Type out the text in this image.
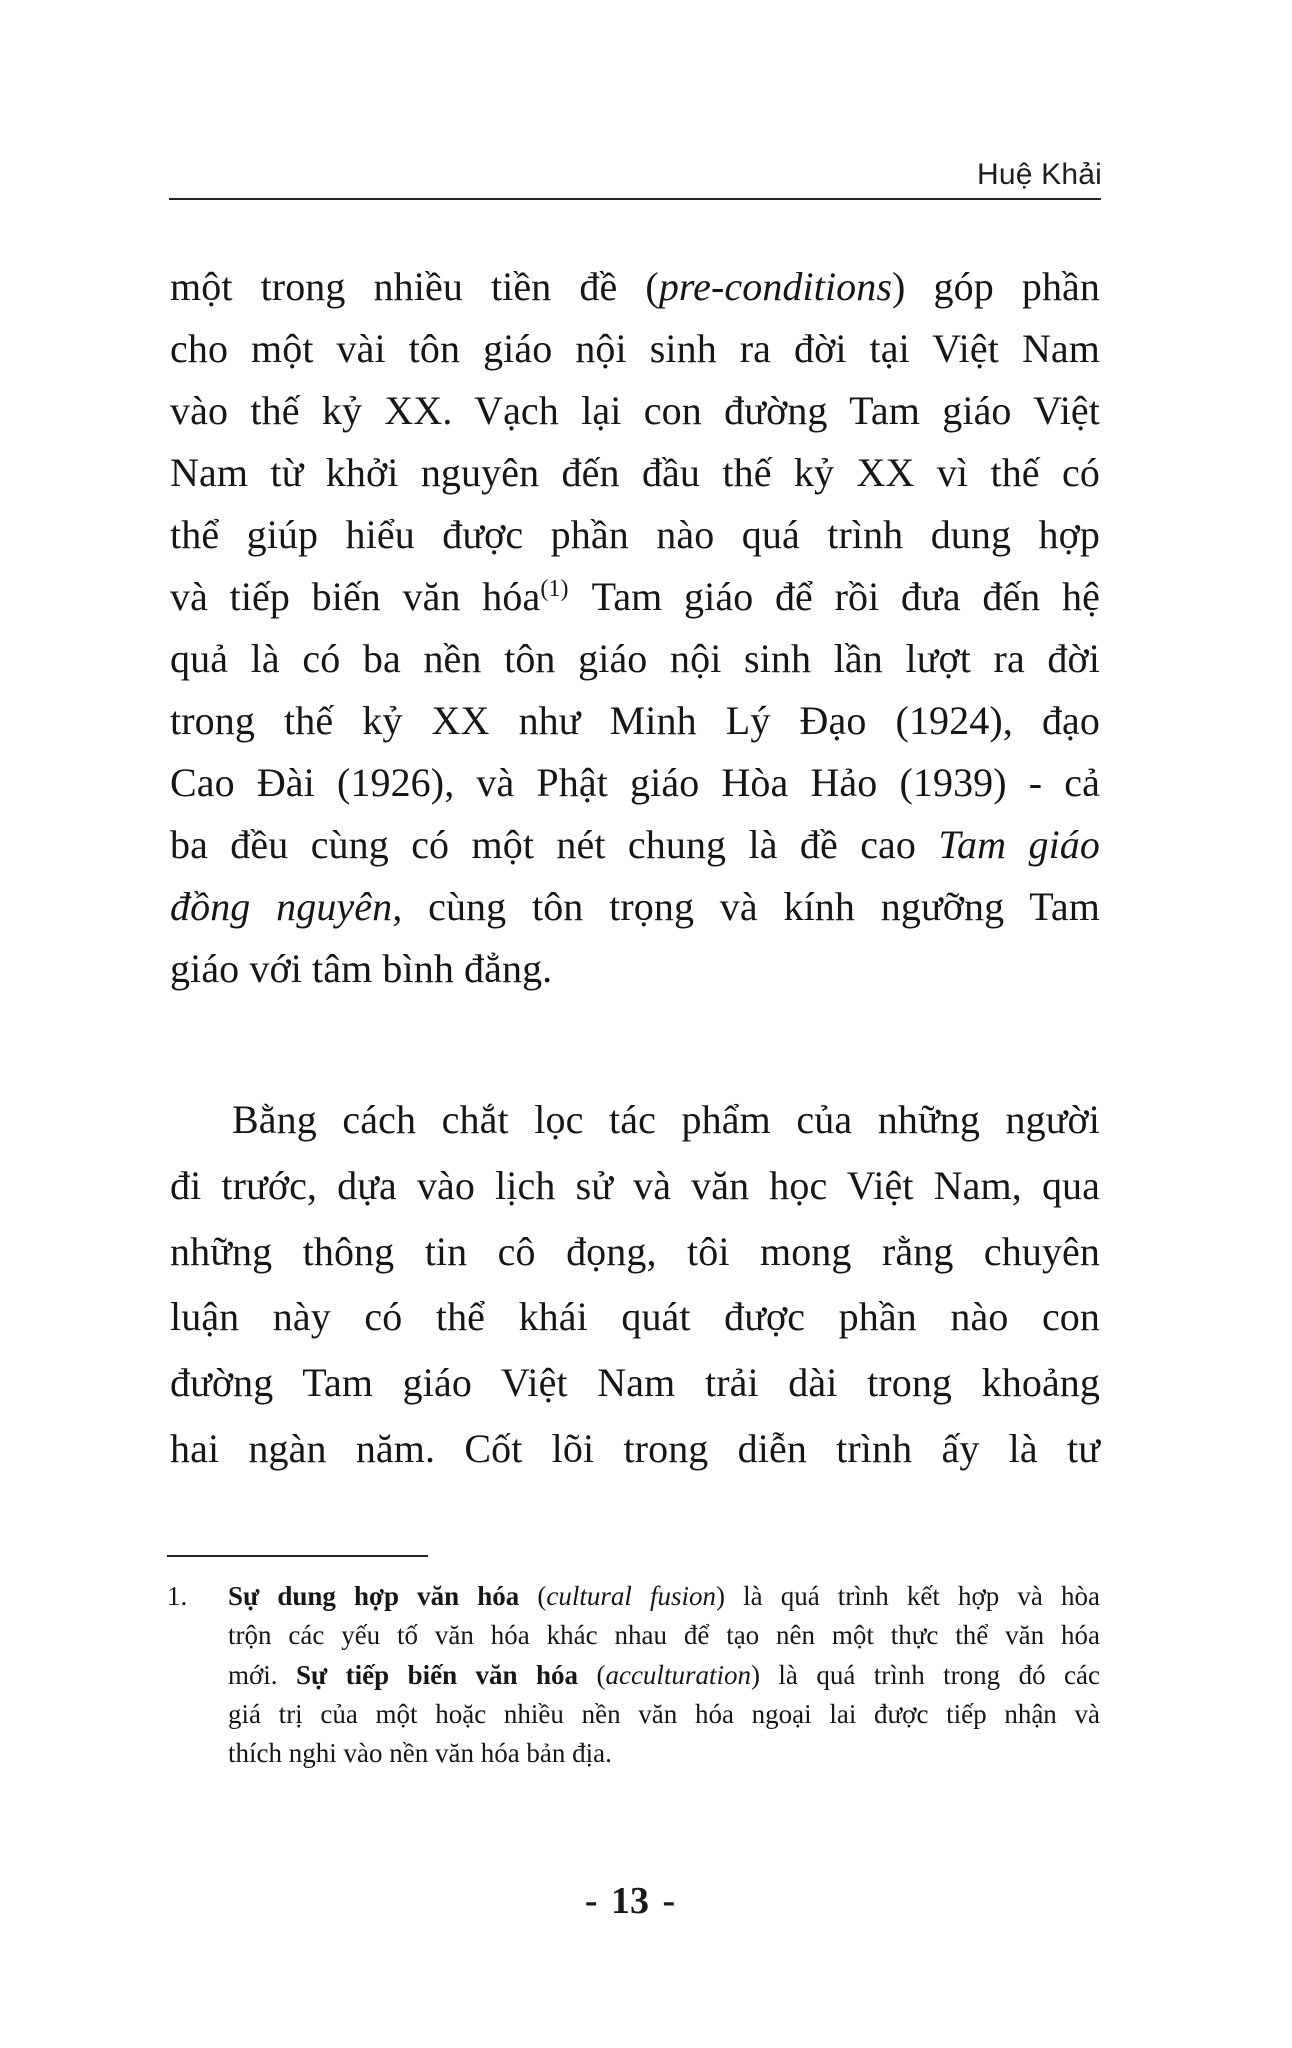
Huệ Khải
một trong nhiều tiền đề (pre-conditions) góp phần
cho một vài tôn giáo nội sinh ra đời tại Việt Nam
vào thế kỷ XX. Vạch lại con đường Tam giáo Việt
Nam từ khởi nguyên đến đầu thế kỷ XX vì thế có
thể giúp hiểu được phần nào quá trình dung hợp
và tiếp biến văn hóa$^{(1)}$ Tam giáo để rồi đưa đến hệ
quả là có ba nền tôn giáo nội sinh lần lượt ra đời
trong thế kỷ XX như Minh Lý Đạo (1924), đạo
Cao Đài (1926), và Phật giáo Hòa Hảo (1939) - cả
ba đều cùng có một nét chung là đề cao Tam giáo
đồng nguyên, cùng tôn trọng và kính ngưỡng Tam
giáo với tâm bình đẳng.
Bằng cách chắt lọc tác phẩm của những người
đi trước, dựa vào lịch sử và văn học Việt Nam, qua
những thông tin cô đọng, tôi mong rằng chuyên
luận này có thể khái quát được phần nào con
đường Tam giáo Việt Nam trải dài trong khoảng
hai ngàn năm. Cốt lõi trong diễn trình ấy là tư
1. Sự dung hợp văn hóa (cultural fusion) là quá trình kết hợp và hòa
trộn các yếu tố văn hóa khác nhau để tạo nên một thực thể văn hóa
mới. Sự tiếp biến văn hóa (acculturation) là quá trình trong đó các
giá trị của một hoặc nhiều nền văn hóa ngoại lai được tiếp nhận và
thích nghi vào nền văn hóa bản địa.
- 13 -
